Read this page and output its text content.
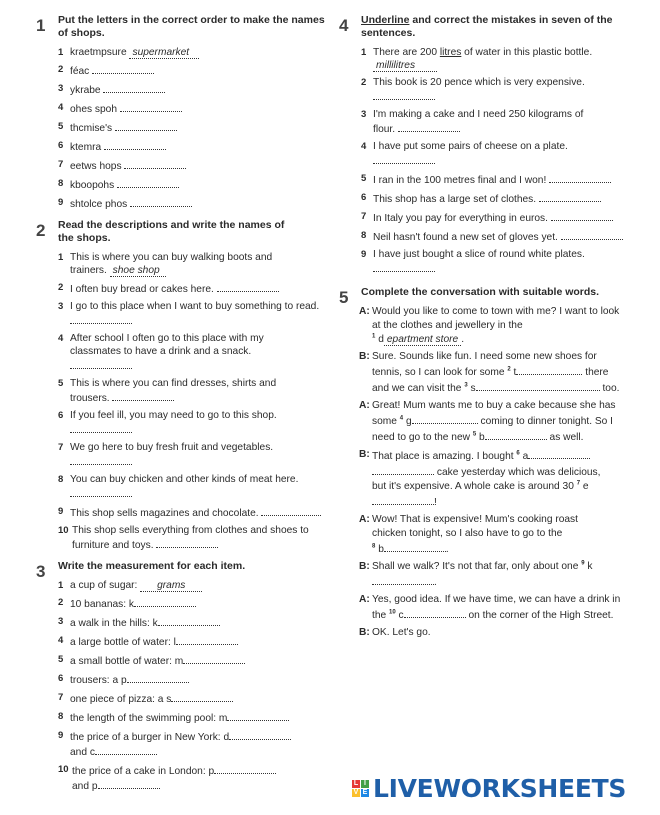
1 Put the letters in the correct order to make the names of shops.
1 kraetmpsure supermarket
2 féac
3 ykrabe
4 ohes spoh
5 thcmise's
6 ktemra
7 eetws hops
8 kboopohs
9 shtolce phos
2 Read the descriptions and write the names of the shops.
1 This is where you can buy walking boots and trainers. shoe shop
2 I often buy bread or cakes here.
3 I go to this place when I want to buy something to read.
4 After school I often go to this place with my classmates to have a drink and a snack.

5 This is where you can find dresses, shirts and trousers.
6 If you feel ill, you may need to go to this shop.

7 We go here to buy fresh fruit and vegetables.

8 You can buy chicken and other kinds of meat here.

9 This shop sells magazines and chocolate.
10 This shop sells everything from clothes and shoes to furniture and toys.
3 Write the measurement for each item.
1 a cup of sugar: grams
2 10 bananas: k
3 a walk in the hills: k
4 a large bottle of water: l
5 a small bottle of water: m
6 trousers: a p
7 one piece of pizza: a s
8 the length of the swimming pool: m
9 the price of a burger in New York: d
and c
10 the price of a cake in London: p
and p
4 Underline and correct the mistakes in seven of the sentences.
1 There are 200 litres of water in this plastic bottle.
millilitres
2 This book is 20 pence which is very expensive.

3 I'm making a cake and I need 250 kilograms of flour.
4 I have put some pairs of cheese on a plate.

5 I ran in the 100 metres final and I won!
6 This shop has a large set of clothes.
7 In Italy you pay for everything in euros.
8 Neil hasn't found a new set of gloves yet.
9 I have just bought a slice of round white plates.

5 Complete the conversation with suitable words.
A: Would you like to come to town with me? I want to look at the clothes and jewellery in the
$^1$ d epartment store .
B: Sure. Sounds like fun. I need some new shoes for tennis, so I can look for some $^2$ t	there and we can visit the $^3$ s	too.
A: Great! Mum wants me to buy a cake because she has some $^4$ g	coming to dinner tonight. So I need to go to the new $^5$ b	as well.
B: That place is amazing. I bought $^6$ a  cake yesterday which was delicious, but it's expensive. A whole cake is around 30 $^7$ e!
A: Wow! That is expensive! Mum's cooking roast chicken tonight, so I also have to go to the
$^8$ b	.
B: Shall we walk? It's not that far, only about one $^9$ k.
A: Yes, good idea. If we have time, we can have a drink in the $^{10}$ c	on the corner of the High Street.
B: OK. Let's go.
L I
V E LIVEWORKSHEETS
